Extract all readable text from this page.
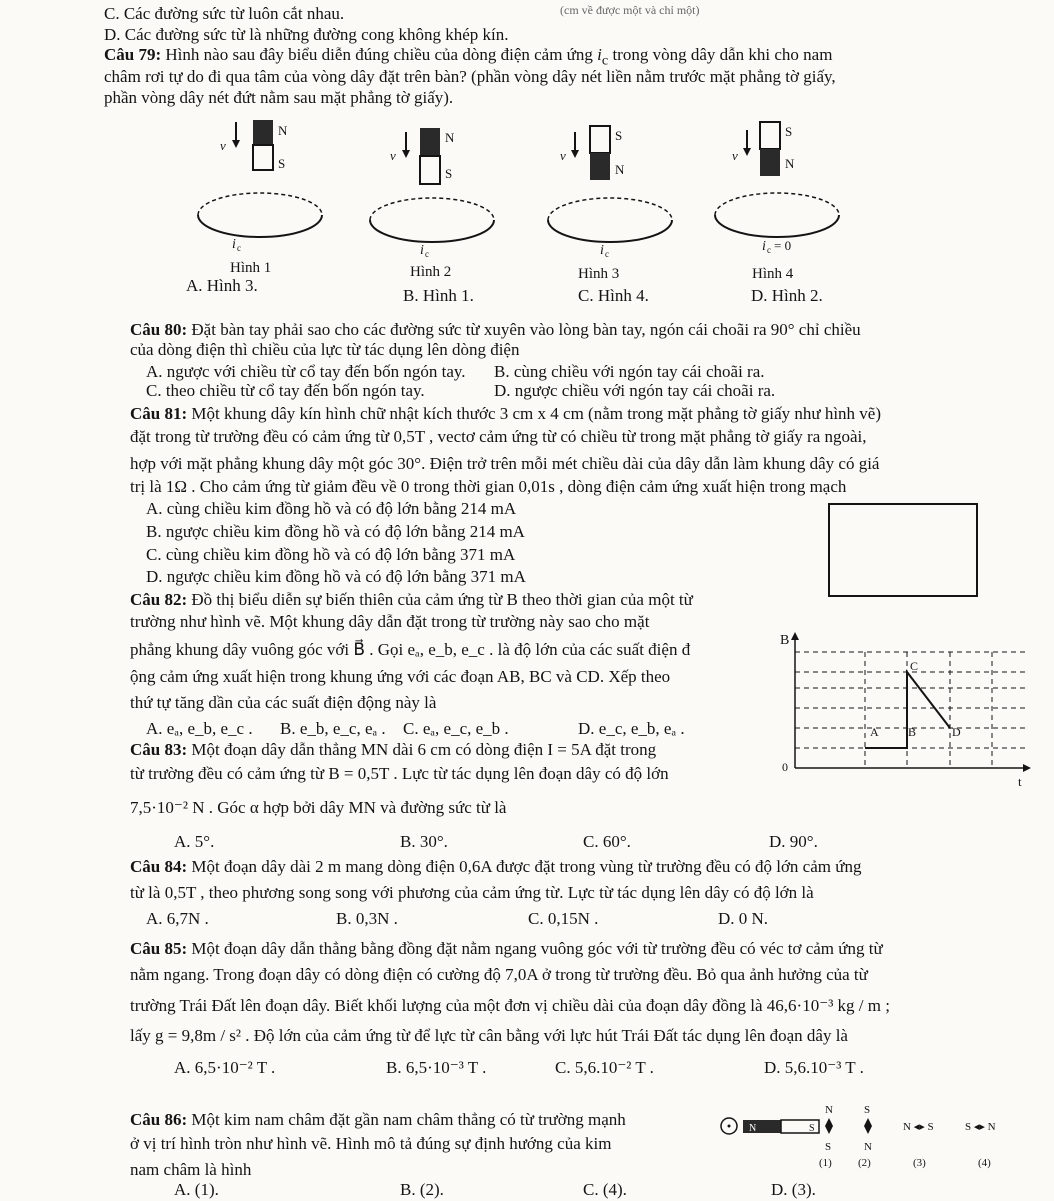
(cm về được một và chỉ một)
C. Các đường sức từ luôn cắt nhau.
D. Các đường sức từ là những đường cong không khép kín.
Câu 79: Hình nào sau đây biểu diễn đúng chiều của dòng điện cảm ứng $i_c$ trong vòng dây dẫn khi cho nam
châm rơi tự do đi qua tâm của vòng dây đặt trên bàn? (phần vòng dây nét liền nằm trước mặt phẳng tờ giấy,
phần vòng dây nét đứt nằm sau mặt phẳng tờ giấy).
v
N
S
i c
Hình 1
v
N
S
i c
Hình 2
v
S
N
i c
Hình 3
v
S
N
i c = 0
Hình 4
A. Hình 3.
B. Hình 1.	C. Hình 4.	D. Hình 2.
Câu 80: Đặt bàn tay phải sao cho các đường sức từ xuyên vào lòng bàn tay, ngón cái choãi ra 90° chỉ chiều
của dòng điện thì chiều của lực từ tác dụng lên dòng điện
A. ngược với chiều từ cổ tay đến bốn ngón tay. B. cùng chiều với ngón tay cái choãi ra.
C. theo chiều từ cổ tay đến bốn ngón tay.	D. ngược chiều với ngón tay cái choãi ra.
Câu 81: Một khung dây kín hình chữ nhật kích thước 3 cm x 4 cm (nằm trong mặt phẳng tờ giấy như hình vẽ)
đặt trong từ trường đều có cảm ứng từ 0,5T , vectơ cảm ứng từ có chiều từ trong mặt phẳng tờ giấy ra ngoài,
hợp với mặt phẳng khung dây một góc 30°. Điện trở trên mỗi mét chiều dài của dây dẫn làm khung dây có giá
trị là 1Ω . Cho cảm ứng từ giảm đều về 0 trong thời gian 0,01s , dòng điện cảm ứng xuất hiện trong mạch
A. cùng chiều kim đồng hồ và có độ lớn bằng 214 mA
B. ngược chiều kim đồng hồ và có độ lớn bằng 214 mA
C. cùng chiều kim đồng hồ và có độ lớn bằng 371 mA
D. ngược chiều kim đồng hồ và có độ lớn bằng 371 mA
Câu 82: Đồ thị biểu diễn sự biến thiên của cảm ứng từ B theo thời gian của một từ
trường như hình vẽ. Một khung dây dẫn đặt trong từ trường này sao cho mặt
phẳng khung dây vuông góc với B⃗ . Gọi eₐ, e_b, e_c . là độ lớn của các suất điện đ
ộng cảm ứng xuất hiện trong khung ứng với các đoạn AB, BC và CD. Xếp theo
thứ tự tăng dần của các suất điện động này là
A. eₐ, e_b, e_c . B. e_b, e_c, eₐ . C. eₐ, e_c, e_b .	D. e_c, e_b, eₐ .
B
t
0
A B
C
D
Câu 83: Một đoạn dây dẫn thẳng MN dài 6 cm có dòng điện I = 5A đặt trong
từ trường đều có cảm ứng từ B = 0,5T . Lực từ tác dụng lên đoạn dây có độ lớn
7,5·10⁻² N . Góc α hợp bởi dây MN và đường sức từ là
A. 5°.	B. 30°.	C. 60°.	D. 90°.
Câu 84: Một đoạn dây dài 2 m mang dòng điện 0,6A được đặt trong vùng từ trường đều có độ lớn cảm ứng
từ là 0,5T , theo phương song song với phương của cảm ứng từ. Lực từ tác dụng lên dây có độ lớn là
A. 6,7N .	B. 0,3N .	C. 0,15N .	D. 0 N.
Câu 85: Một đoạn dây dẫn thẳng bằng đồng đặt nằm ngang vuông góc với từ trường đều có véc tơ cảm ứng từ
nằm ngang. Trong đoạn dây có dòng điện có cường độ 7,0A ở trong từ trường đều. Bỏ qua ảnh hưởng của từ
trường Trái Đất lên đoạn dây. Biết khối lượng của một đơn vị chiều dài của đoạn dây đồng là 46,6·10⁻³ kg / m ;
lấy g = 9,8m / s² . Độ lớn của cảm ứng từ để lực từ cân bằng với lực hút Trái Đất tác dụng lên đoạn dây là
A. 6,5·10⁻² T .	B. 6,5·10⁻³ T .	C. 5,6.10⁻² T .	D. 5,6.10⁻³ T .
Câu 86: Một kim nam châm đặt gần nam châm thẳng có từ trường mạnh
ở vị trí hình tròn như hình vẽ. Hình mô tả đúng sự định hướng của kim
nam châm là hình
A. (1).	B. (2).	C. (4).	D. (3).
N	S
N
S
S
N
N ◂▸ S	S ◂▸ N
(1) (2)	(3)	(4)
